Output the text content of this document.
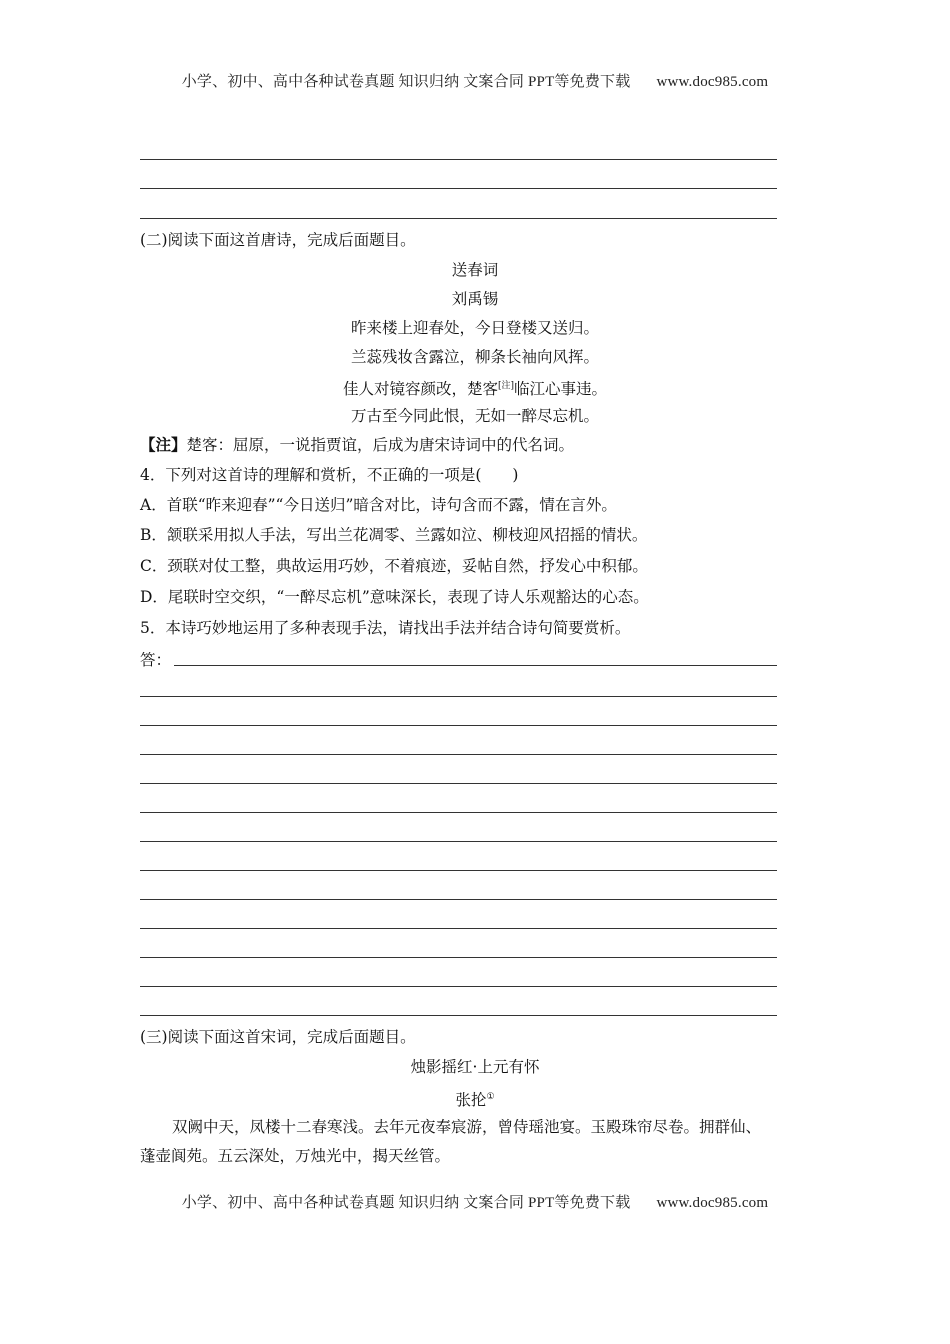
小学、初中、高中各种试卷真题 知识归纳 文案合同 PPT等免费下载 www.doc985.com
(二)阅读下面这首唐诗，完成后面题目。
送春词
刘禹锡
昨来楼上迎春处，今日登楼又送归。
兰蕊残妆含露泣，柳条长袖向风挥。
佳人对镜容颜改，楚客[注]临江心事违。
万古至今同此恨，无如一醉尽忘机。
【注】楚客：屈原，一说指贾谊，后成为唐宋诗词中的代名词。
4．下列对这首诗的理解和赏析，不正确的一项是(　　)
A．首联“昨来迎春”“今日送归”暗含对比，诗句含而不露，情在言外。
B．颔联采用拟人手法，写出兰花凋零、兰露如泣、柳枝迎风招摇的情状。
C．颈联对仗工整，典故运用巧妙，不着痕迹，妥帖自然，抒发心中积郁。
D．尾联时空交织，“一醉尽忘机”意味深长，表现了诗人乐观豁达的心态。
5．本诗巧妙地运用了多种表现手法，请找出手法并结合诗句简要赏析。
答：
(三)阅读下面这首宋词，完成后面题目。
烛影摇红·上元有怀
张抡①
双阙中天，凤楼十二春寒浅。去年元夜奉宸游，曾侍瑶池宴。玉殿珠帘尽卷。拥群仙、
蓬壶阆苑。五云深处，万烛光中，揭天丝管。
小学、初中、高中各种试卷真题 知识归纳 文案合同 PPT等免费下载 www.doc985.com
